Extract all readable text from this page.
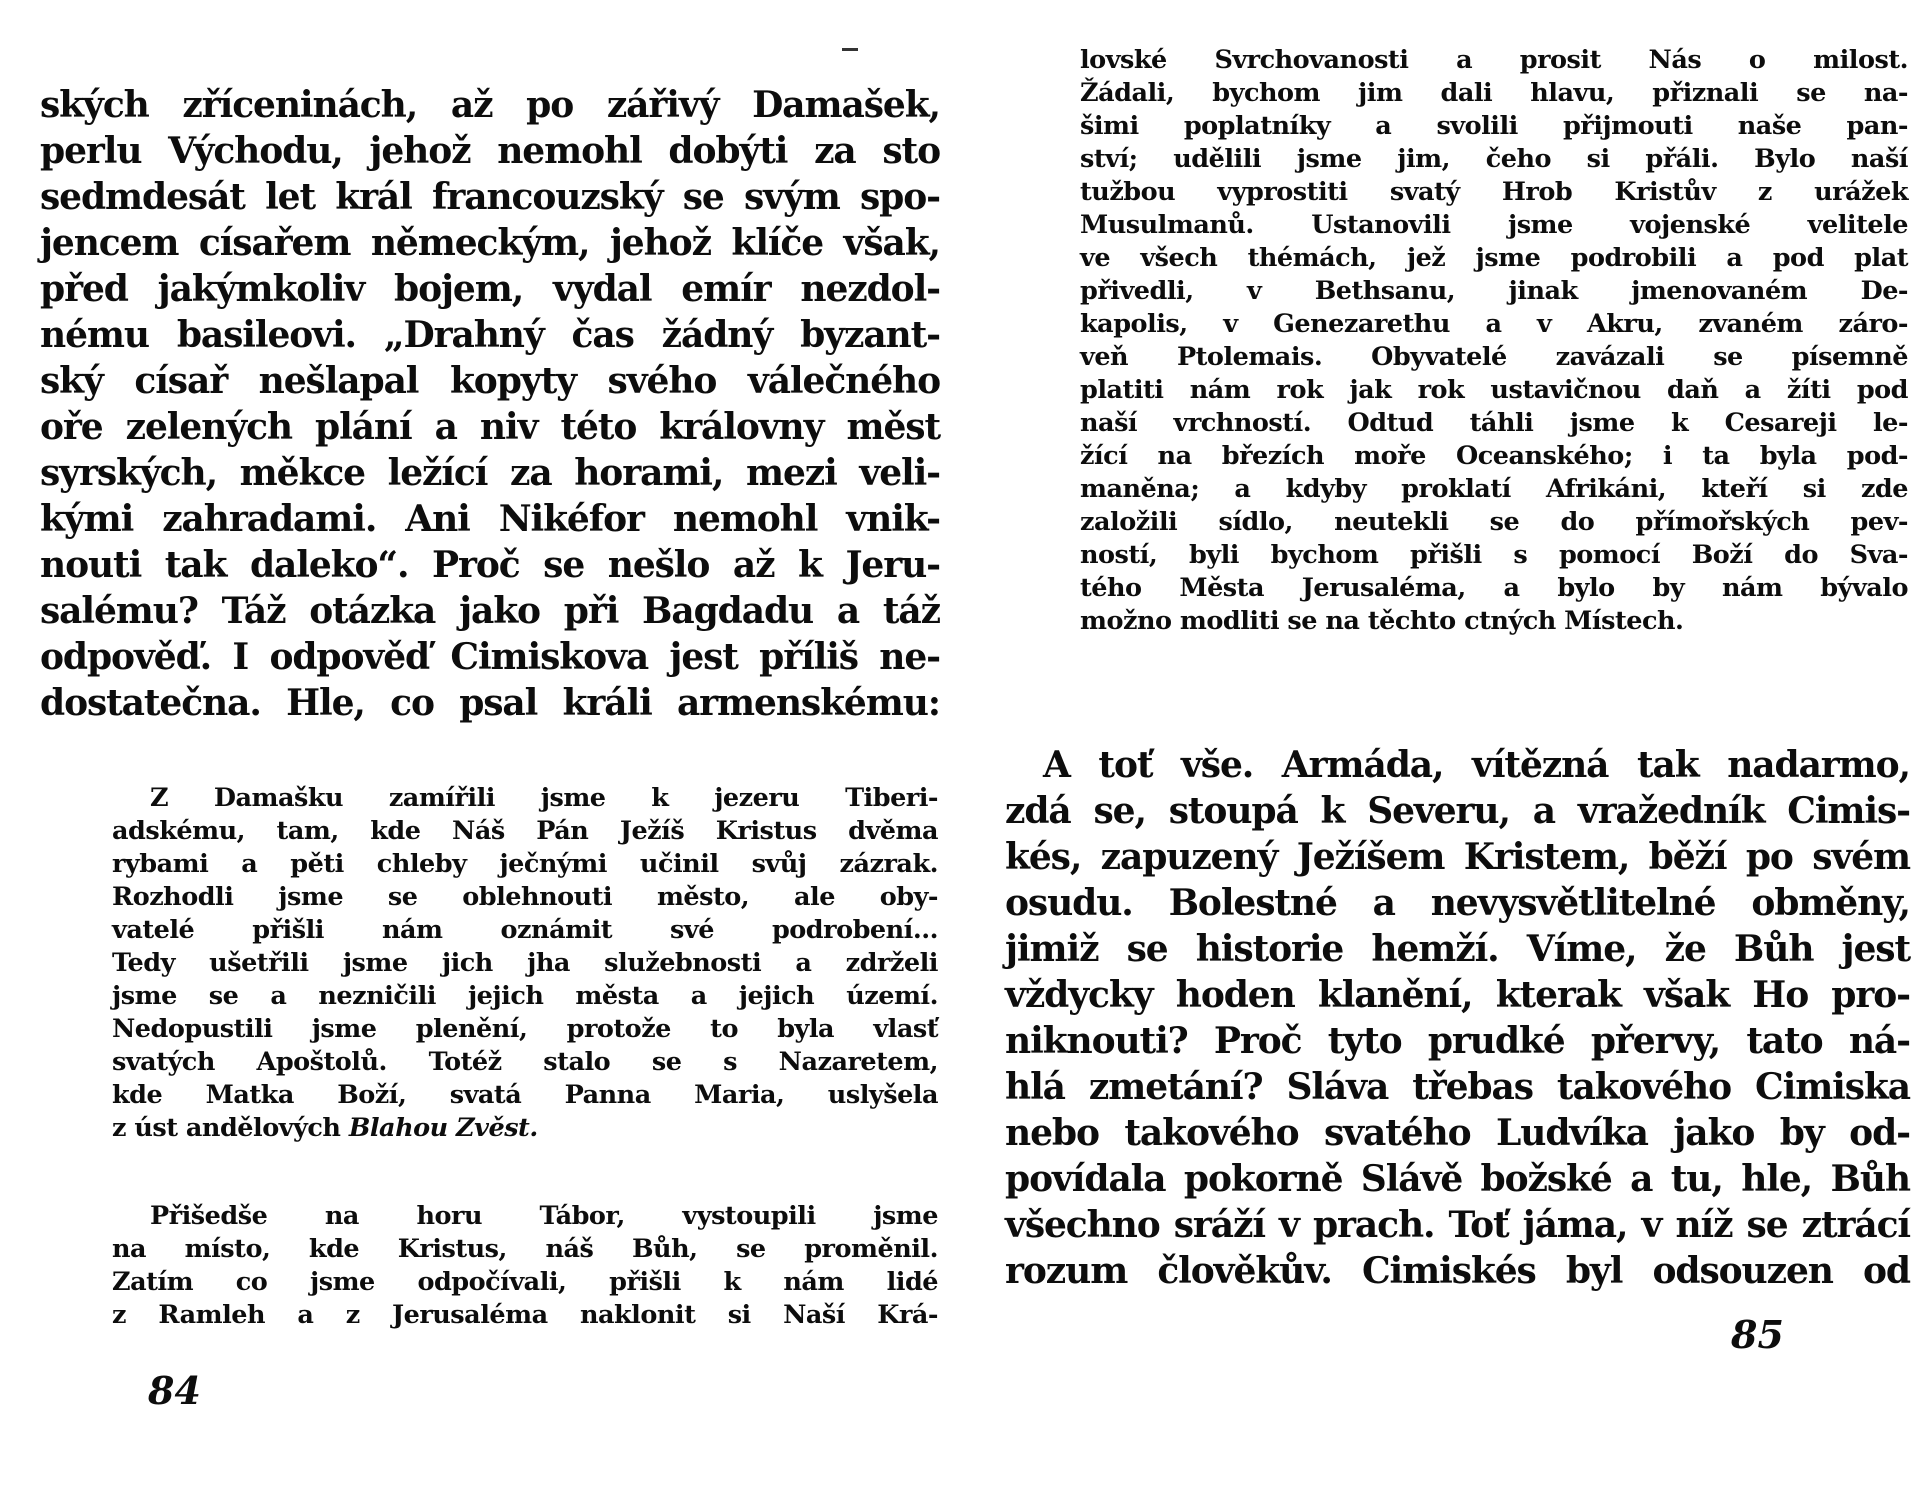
ských zříceninách, až po zářivý Damašek,
perlu Východu, jehož nemohl dobýti za sto
sedmdesát let král francouzský se svým spo-
jencem císařem německým, jehož klíče však,
před jakýmkoliv bojem, vydal emír nezdol-
nému basileovi. „Drahný čas žádný byzant-
ský císař nešlapal kopyty svého válečného
oře zelených plání a niv této královny měst
syrských, měkce ležící za horami, mezi veli-
kými zahradami. Ani Nikéfor nemohl vnik-
nouti tak daleko“. Proč se nešlo až k Jeru-
salému? Táž otázka jako při Bagdadu a táž
odpověď. I odpověď Cimiskova jest příliš ne-
dostatečna. Hle, co psal králi armenskému:
Z Damašku zamířili jsme k jezeru Tiberi-
adskému, tam, kde Náš Pán Ježíš Kristus dvěma
rybami a pěti chleby ječnými učinil svůj zázrak.
Rozhodli jsme se oblehnouti město, ale oby-
vatelé přišli nám oznámit své podrobení...
Tedy ušetřili jsme jich jha služebnosti a zdrželi
jsme se a nezničili jejich města a jejich území.
Nedopustili jsme plenění, protože to byla vlasť
svatých Apoštolů. Totéž stalo se s Nazaretem,
kde Matka Boží, svatá Panna Maria, uslyšela
z úst andělových Blahou Zvěst.
Přišedše na horu Tábor, vystoupili jsme
na místo, kde Kristus, náš Bůh, se proměnil.
Zatím co jsme odpočívali, přišli k nám lidé
z Ramleh a z Jerusaléma naklonit si Naší Krá-
84
lovské Svrchovanosti a prosit Nás o milost.
Žádali, bychom jim dali hlavu, přiznali se na-
šimi poplatníky a svolili přijmouti naše pan-
ství; udělili jsme jim, čeho si přáli. Bylo naší
tužbou vyprostiti svatý Hrob Kristův z urážek
Musulmanů. Ustanovili jsme vojenské velitele
ve všech thémách, jež jsme podrobili a pod plat
přivedli, v Bethsanu, jinak jmenovaném De-
kapolis, v Genezarethu a v Akru, zvaném záro-
veň Ptolemais. Obyvatelé zavázali se písemně
platiti nám rok jak rok ustavičnou daň a žíti pod
naší vrchností. Odtud táhli jsme k Cesareji le-
žící na březích moře Oceanského; i ta byla pod-
maněna; a kdyby proklatí Afrikáni, kteří si zde
založili sídlo, neutekli se do přímořských pev-
ností, byli bychom přišli s pomocí Boží do Sva-
tého Města Jerusaléma, a bylo by nám bývalo
možno modliti se na těchto ctných Místech.
A toť vše. Armáda, vítězná tak nadarmo,
zdá se, stoupá k Severu, a vražedník Cimis-
kés, zapuzený Ježíšem Kristem, běží po svém
osudu. Bolestné a nevysvětlitelné obměny,
jimiž se historie hemží. Víme, že Bůh jest
vždycky hoden klanění, kterak však Ho pro-
niknouti? Proč tyto prudké přervy, tato ná-
hlá zmetání? Sláva třebas takového Cimiska
nebo takového svatého Ludvíka jako by od-
povídala pokorně Slávě božské a tu, hle, Bůh
všechno sráží v prach. Toť jáma, v níž se ztrácí
rozum člověkův. Cimiskés byl odsouzen od
85
